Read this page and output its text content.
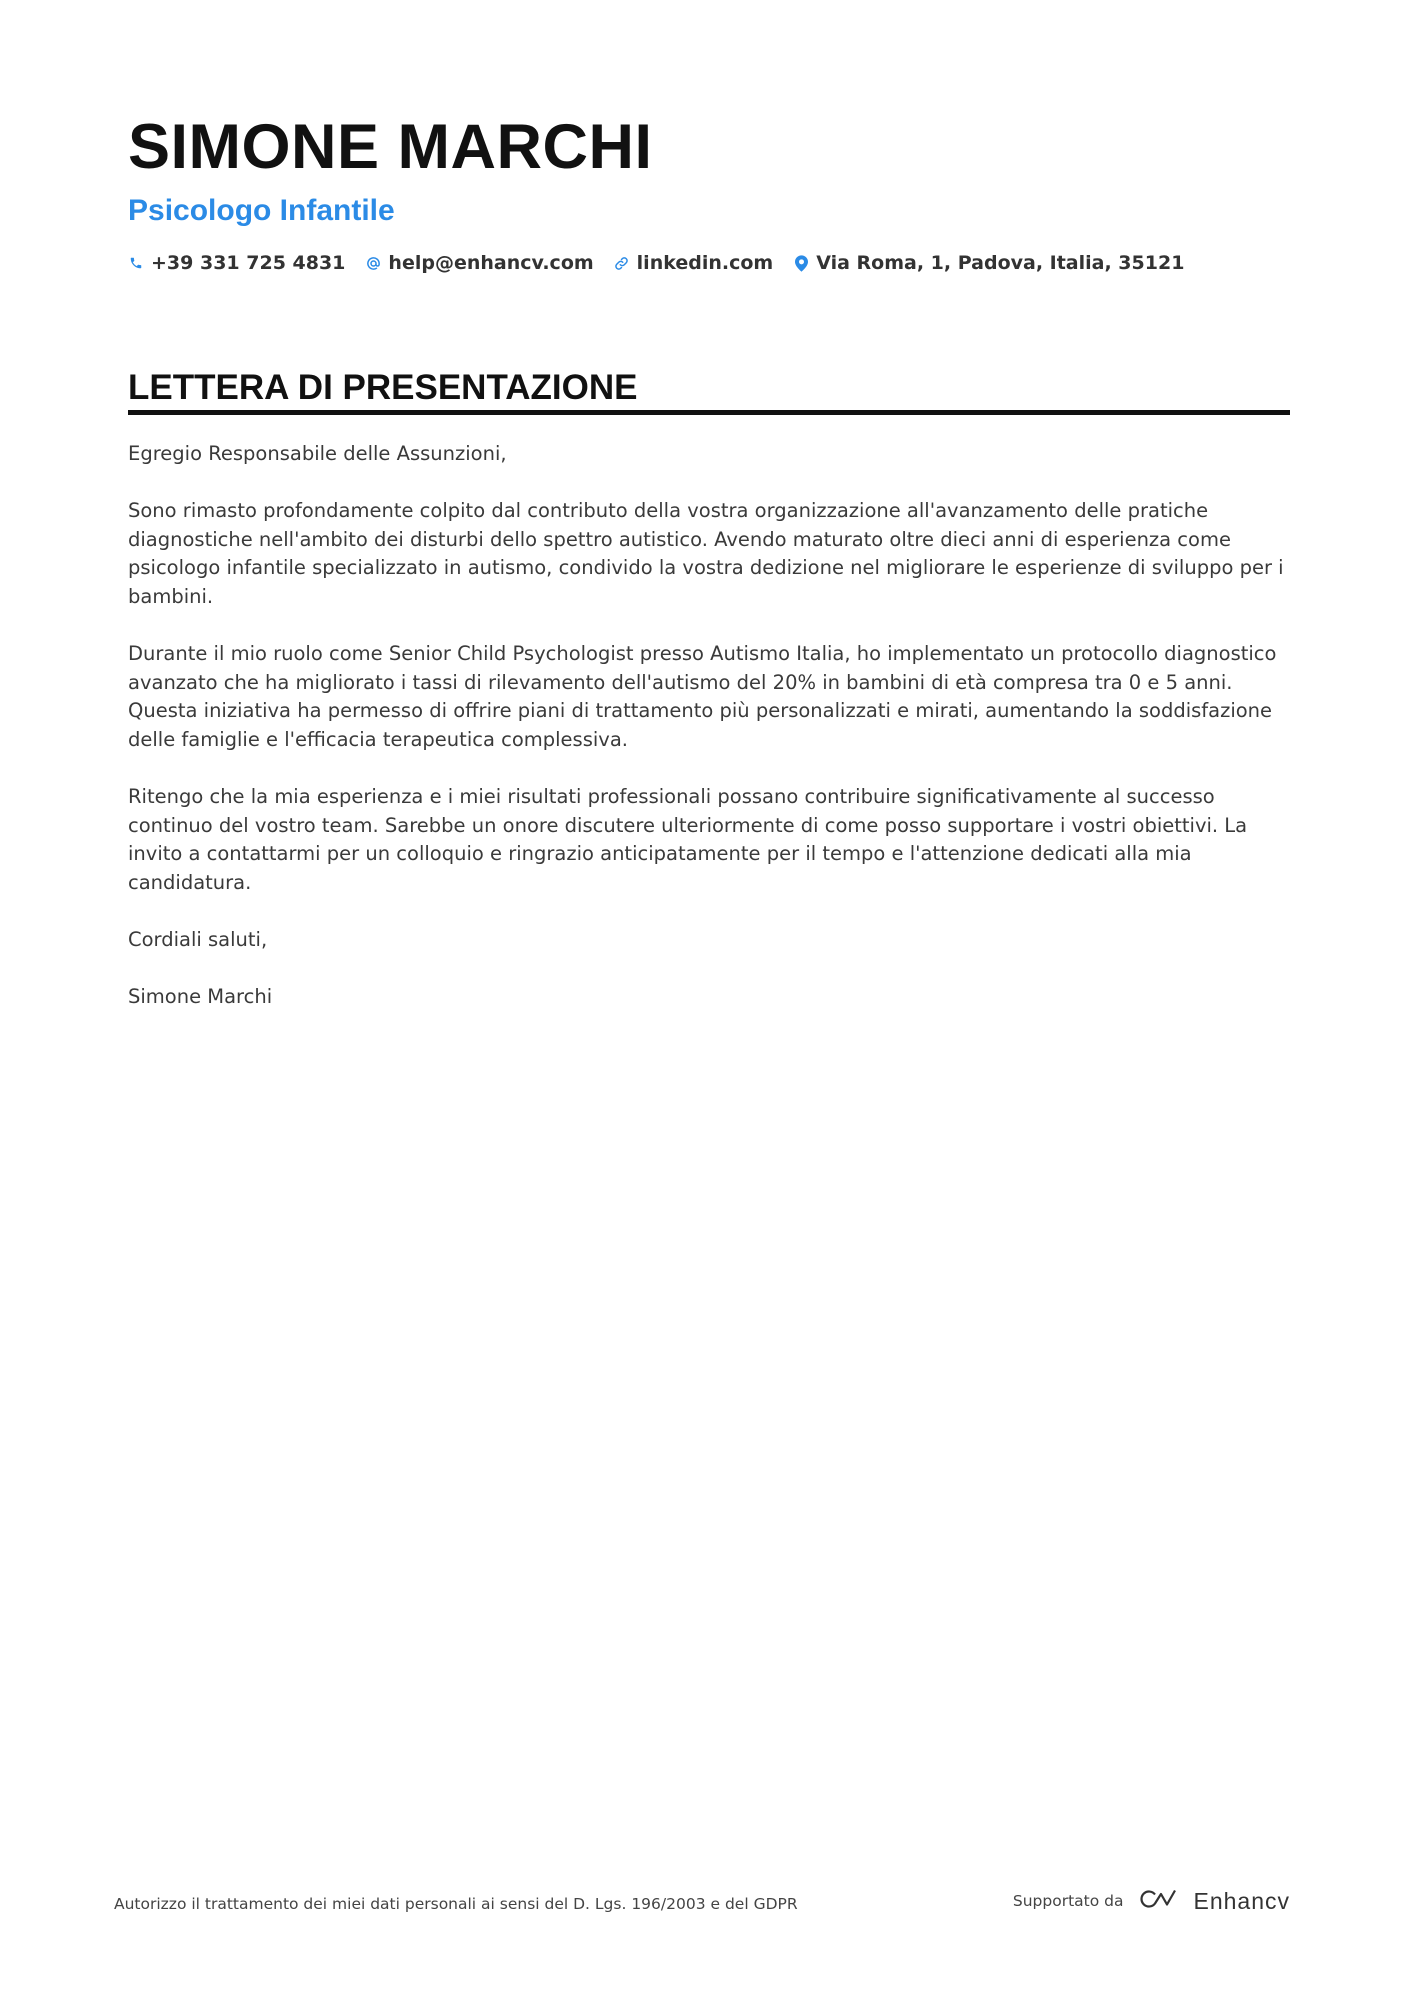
SIMONE MARCHI
Psicologo Infantile
+39 331 725 4831 help@enhancv.com linkedin.com Via Roma, 1, Padova, Italia, 35121
LETTERA DI PRESENTAZIONE

Egregio Responsabile delle Assunzioni,

Sono rimasto profondamente colpito dal contributo della vostra organizzazione all'avanzamento delle pratiche diagnostiche nell'ambito dei disturbi dello spettro autistico. Avendo maturato oltre dieci anni di esperienza come psicologo infantile specializzato in autismo, condivido la vostra dedizione nel migliorare le esperienze di sviluppo per i bambini.

Durante il mio ruolo come Senior Child Psychologist presso Autismo Italia, ho implementato un protocollo diagnostico avanzato che ha migliorato i tassi di rilevamento dell'autismo del 20% in bambini di età compresa tra 0 e 5 anni. Questa iniziativa ha permesso di offrire piani di trattamento più personalizzati e mirati, aumentando la soddisfazione delle famiglie e l'efficacia terapeutica complessiva.

Ritengo che la mia esperienza e i miei risultati professionali possano contribuire significativamente al successo continuo del vostro team. Sarebbe un onore discutere ulteriormente di come posso supportare i vostri obiettivi. La invito a contattarmi per un colloquio e ringrazio anticipatamente per il tempo e l'attenzione dedicati alla mia candidatura.

Cordiali saluti,

Simone Marchi

Autorizzo il trattamento dei miei dati personali ai sensi del D. Lgs. 196/2003 e del GDPR	Supportato da	Enhancv
